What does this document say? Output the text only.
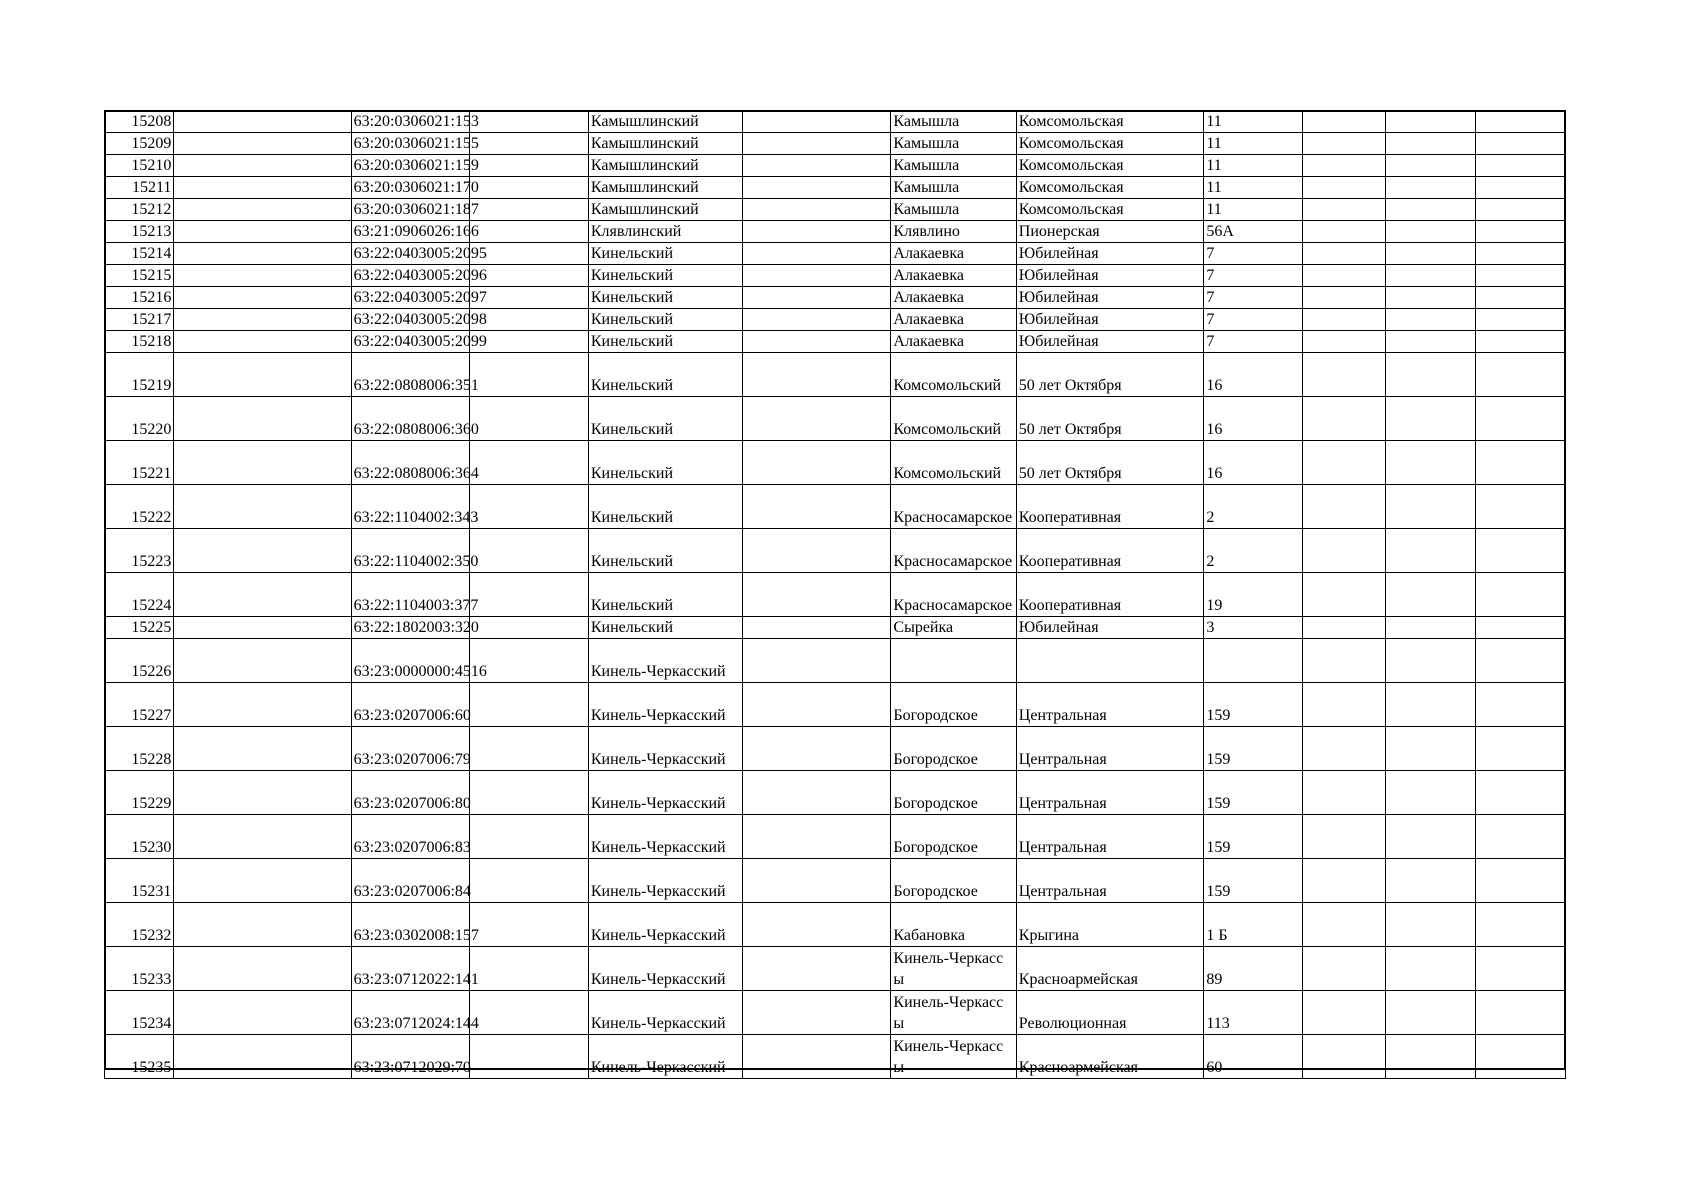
15208		63:20:0306021:153		Камышлинский		Камышла	Комсомольская	11			
15209		63:20:0306021:155		Камышлинский		Камышла	Комсомольская	11			
15210		63:20:0306021:159		Камышлинский		Камышла	Комсомольская	11			
15211		63:20:0306021:170		Камышлинский		Камышла	Комсомольская	11			
15212		63:20:0306021:187		Камышлинский		Камышла	Комсомольская	11			
15213		63:21:0906026:166		Клявлинский		Клявлино	Пионерская	56А			
15214		63:22:0403005:2095		Кинельский		Алакаевка	Юбилейная	7			
15215		63:22:0403005:2096		Кинельский		Алакаевка	Юбилейная	7			
15216		63:22:0403005:2097		Кинельский		Алакаевка	Юбилейная	7			
15217		63:22:0403005:2098		Кинельский		Алакаевка	Юбилейная	7			
15218		63:22:0403005:2099		Кинельский		Алакаевка	Юбилейная	7			
15219		63:22:0808006:351		Кинельский		Комсомольский	50 лет Октября	16			
15220		63:22:0808006:360		Кинельский		Комсомольский	50 лет Октября	16			
15221		63:22:0808006:364		Кинельский		Комсомольский	50 лет Октября	16			
15222		63:22:1104002:343		Кинельский		Красносамарское	Кооперативная	2			
15223		63:22:1104002:350		Кинельский		Красносамарское	Кооперативная	2			
15224		63:22:1104003:377		Кинельский		Красносамарское	Кооперативная	19			
15225		63:22:1802003:320		Кинельский		Сырейка	Юбилейная	3			
15226		63:23:0000000:4516		Кинель-Черкасский							
15227		63:23:0207006:60		Кинель-Черкасский		Богородское	Центральная	159			
15228		63:23:0207006:79		Кинель-Черкасский		Богородское	Центральная	159			
15229		63:23:0207006:80		Кинель-Черкасский		Богородское	Центральная	159			
15230		63:23:0207006:83		Кинель-Черкасский		Богородское	Центральная	159			
15231		63:23:0207006:84		Кинель-Черкасский		Богородское	Центральная	159			
15232		63:23:0302008:157		Кинель-Черкасский		Кабановка	Крыгина	1 Б			
15233		63:23:0712022:141		Кинель-Черкасский		Кинель-Черкассы	Красноармейская	89			
15234		63:23:0712024:144		Кинель-Черкасский		Кинель-Черкассы	Революционная	113			
15235		63:23:0712029:70		Кинель-Черкасский		Кинель-Черкассы	Красноармейская	60			
